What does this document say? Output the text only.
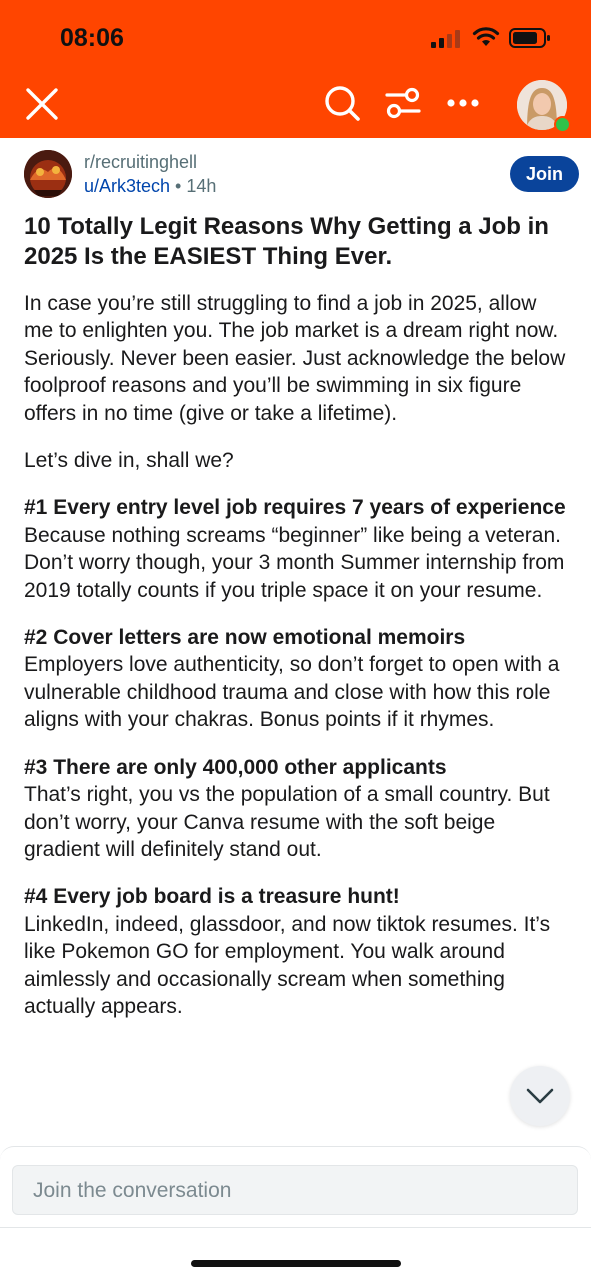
08:06
r/recruitinghell
u/Ark3tech • 14h
Join
10 Totally Legit Reasons Why Getting a Job in 2025 Is the EASIEST Thing Ever.

In case you’re still struggling to find a job in 2025, allow me to enlighten you. The job market is a dream right now. Seriously. Never been easier. Just acknowledge the below foolproof reasons and you’ll be swimming in six figure offers in no time (give or take a lifetime).

Let’s dive in, shall we?

#1 Every entry level job requires 7 years of experience
Because nothing screams “beginner” like being a veteran. Don’t worry though, your 3 month Summer internship from 2019 totally counts if you triple space it on your resume.

#2 Cover letters are now emotional memoirs
Employers love authenticity, so don’t forget to open with a vulnerable childhood trauma and close with how this role aligns with your chakras. Bonus points if it rhymes.

#3 There are only 400,000 other applicants
That’s right, you vs the population of a small country. But don’t worry, your Canva resume with the soft beige gradient will definitely stand out.

#4 Every job board is a treasure hunt!
LinkedIn, indeed, glassdoor, and now tiktok resumes. It’s like Pokemon GO for employment. You walk around aimlessly and occasionally scream when something actually appears.

Join the conversation
